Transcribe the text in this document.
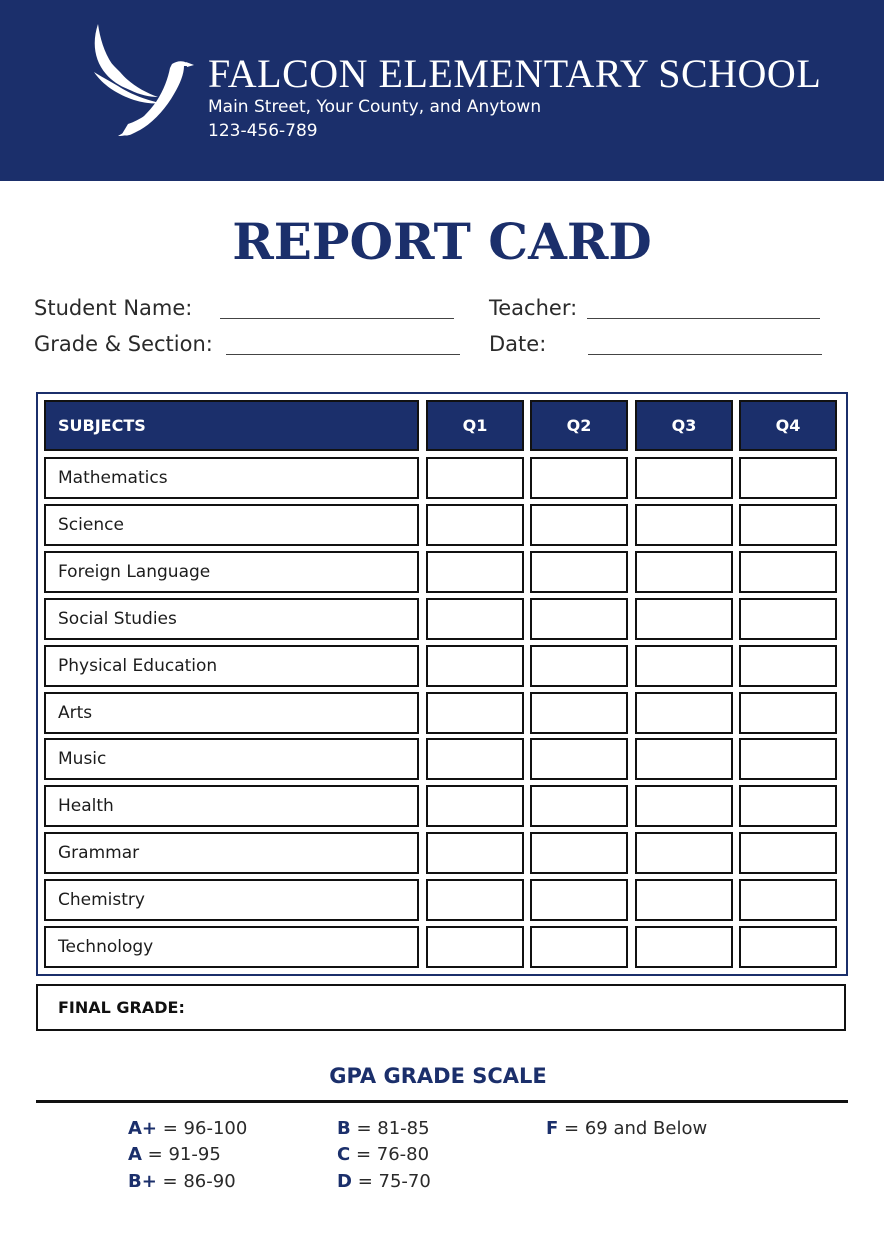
FALCON ELEMENTARY SCHOOL
Main Street, Your County, and Anytown
123-456-789
REPORT CARD
Student Name:	Teacher:
Grade & Section:	Date:
SUBJECTS	Q1	Q2	Q3	Q4
Mathematics
Science
Foreign Language
Social Studies
Physical Education
Arts
Music
Health
Grammar
Chemistry
Technology
FINAL GRADE:
GPA GRADE SCALE
A+ = 96-100
A = 91-95
B+ = 86-90
B = 81-85
C = 76-80
D = 75-70
F = 69 and Below
